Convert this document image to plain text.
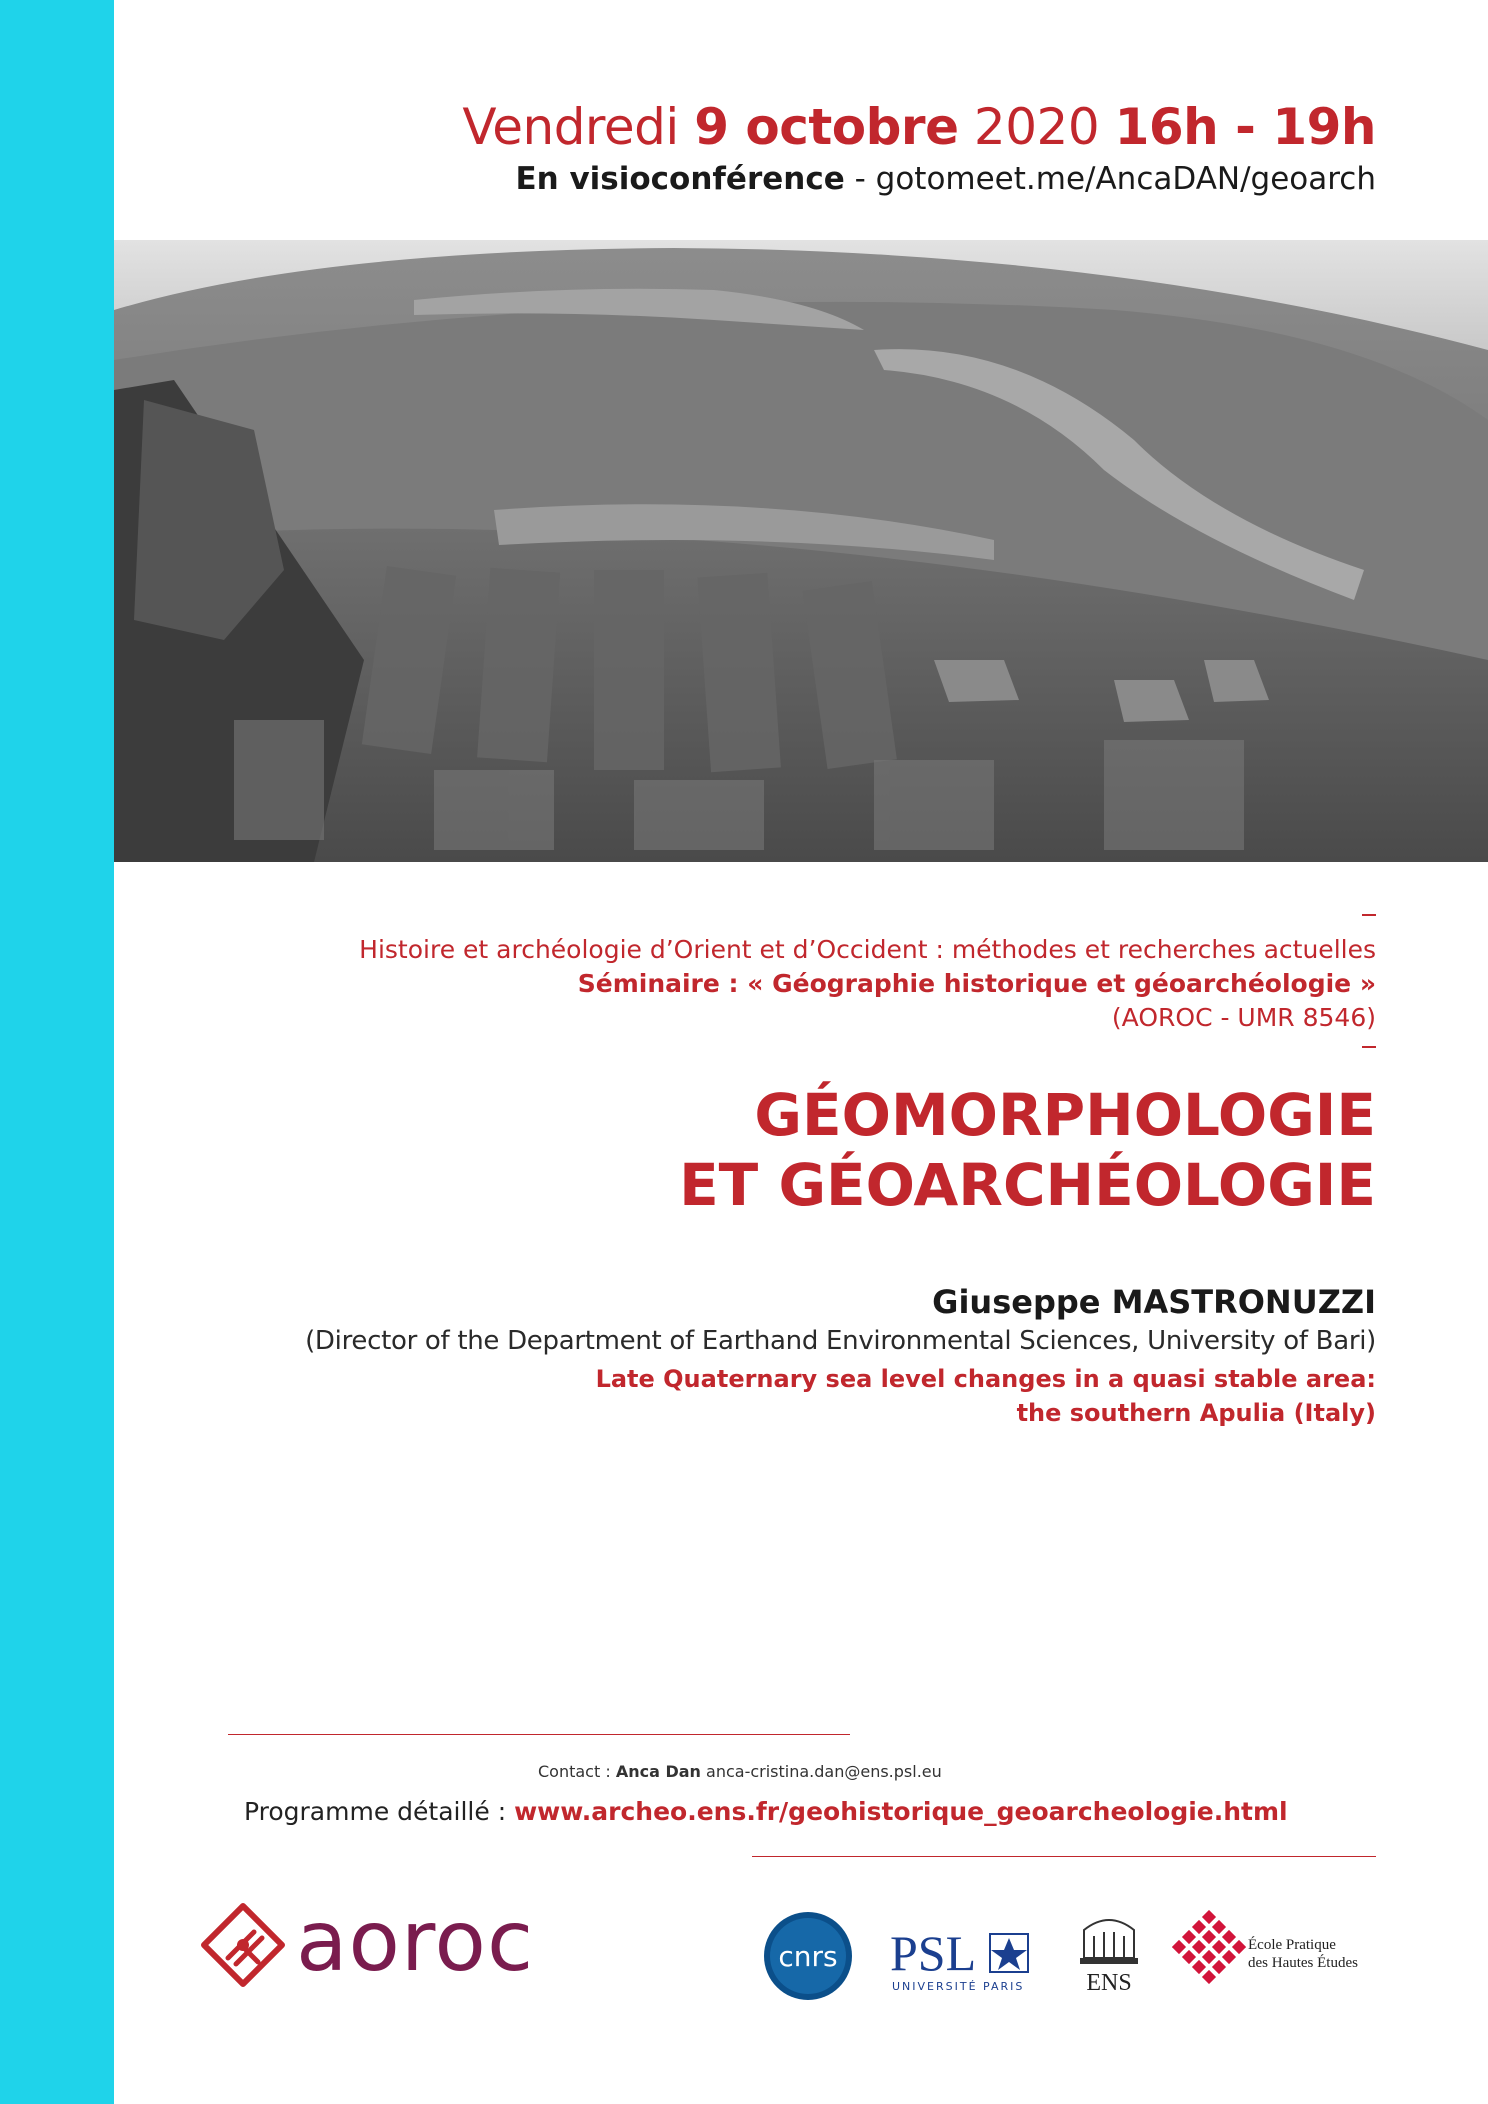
Vendredi 9 octobre 2020 16h - 19h
En visioconférence - gotomeet.me/AncaDAN/geoarch
Histoire et archéologie d’Orient et d’Occident : méthodes et recherches actuelles
Séminaire : « Géographie historique et géoarchéologie »
(AOROC - UMR 8546)
GÉOMORPHOLOGIE
ET GÉOARCHÉOLOGIE
Giuseppe MASTRONUZZI
(Director of the Department of Earthand Environmental Sciences, University of Bari)
Late Quaternary sea level changes in a quasi stable area:
the southern Apulia (Italy)
Contact : Anca Dan anca-cristina.dan@ens.psl.eu
Programme détaillé : www.archeo.ens.fr/geohistorique_geoarcheologie.html
aoroc	cnrs PSL
UNIVERSITÉ PARIS	ENS
École Pratique
des Hautes Études
